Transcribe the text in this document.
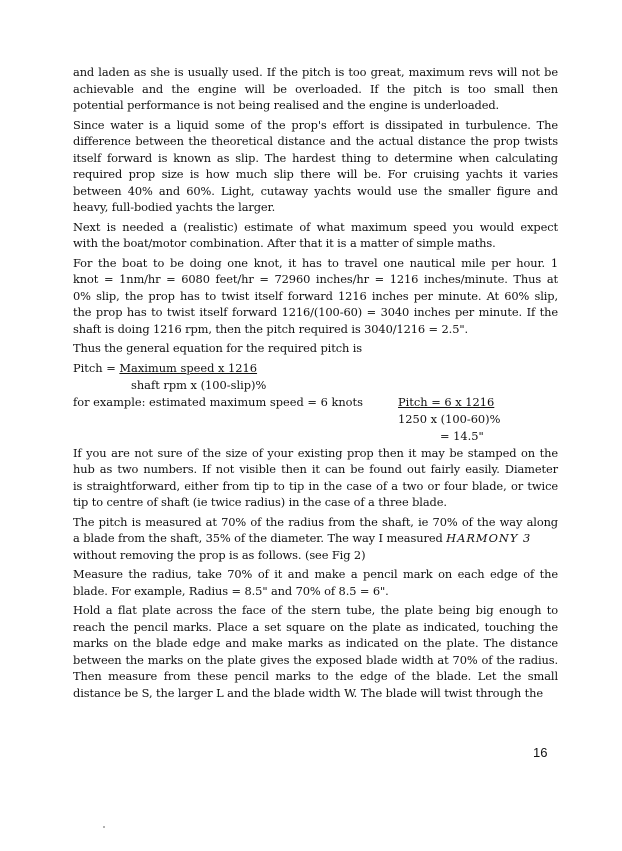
and laden as she is usually used. If the pitch is too great, maximum revs will not be
achievable and the engine will be overloaded. If the pitch is too small then
potential performance is not being realised and the engine is underloaded.
Since water is a liquid some of the prop's effort is dissipated in turbulence. The
difference between the theoretical distance and the actual distance the prop twists
itself forward is known as slip. The hardest thing to determine when calculating
required prop size is how much slip there will be. For cruising yachts it varies
between 40% and 60%. Light, cutaway yachts would use the smaller figure and
heavy, full-bodied yachts the larger.
Next is needed a (realistic) estimate of what maximum speed you would expect
with the boat/motor combination. After that it is a matter of simple maths.
For the boat to be doing one knot, it has to travel one nautical mile per hour. 1
knot = 1nm/hr = 6080 feet/hr = 72960 inches/hr = 1216 inches/minute. Thus at
0% slip, the prop has to twist itself forward 1216 inches per minute. At 60% slip,
the prop has to twist itself forward 1216/(100-60) = 3040 inches per minute. If the
shaft is doing 1216 rpm, then the pitch required is 3040/1216 = 2.5".
Thus the general equation for the required pitch is
Pitch = Maximum speed x 1216
shaft rpm x (100-slip)%
for example: estimated maximum speed = 6 knots	Pitch = 6 x 1216
1250 x (100-60)%
= 14.5"
If you are not sure of the size of your existing prop then it may be stamped on the
hub as two numbers. If not visible then it can be found out fairly easily. Diameter
is straightforward, either from tip to tip in the case of a two or four blade, or twice
tip to centre of shaft (ie twice radius) in the case of a three blade.
The pitch is measured at 70% of the radius from the shaft, ie 70% of the way along
a blade from the shaft, 35% of the diameter. The way I measured HARMONY 3
without removing the prop is as follows. (see Fig 2)
Measure the radius, take 70% of it and make a pencil mark on each edge of the
blade. For example, Radius = 8.5" and 70% of 8.5 = 6".
Hold a flat plate across the face of the stern tube, the plate being big enough to
reach the pencil marks. Place a set square on the plate as indicated, touching the
marks on the blade edge and make marks as indicated on the plate. The distance
between the marks on the plate gives the exposed blade width at 70% of the radius.
Then measure from these pencil marks to the edge of the blade. Let the small
distance be S, the larger L and the blade width W. The blade will twist through the
16
